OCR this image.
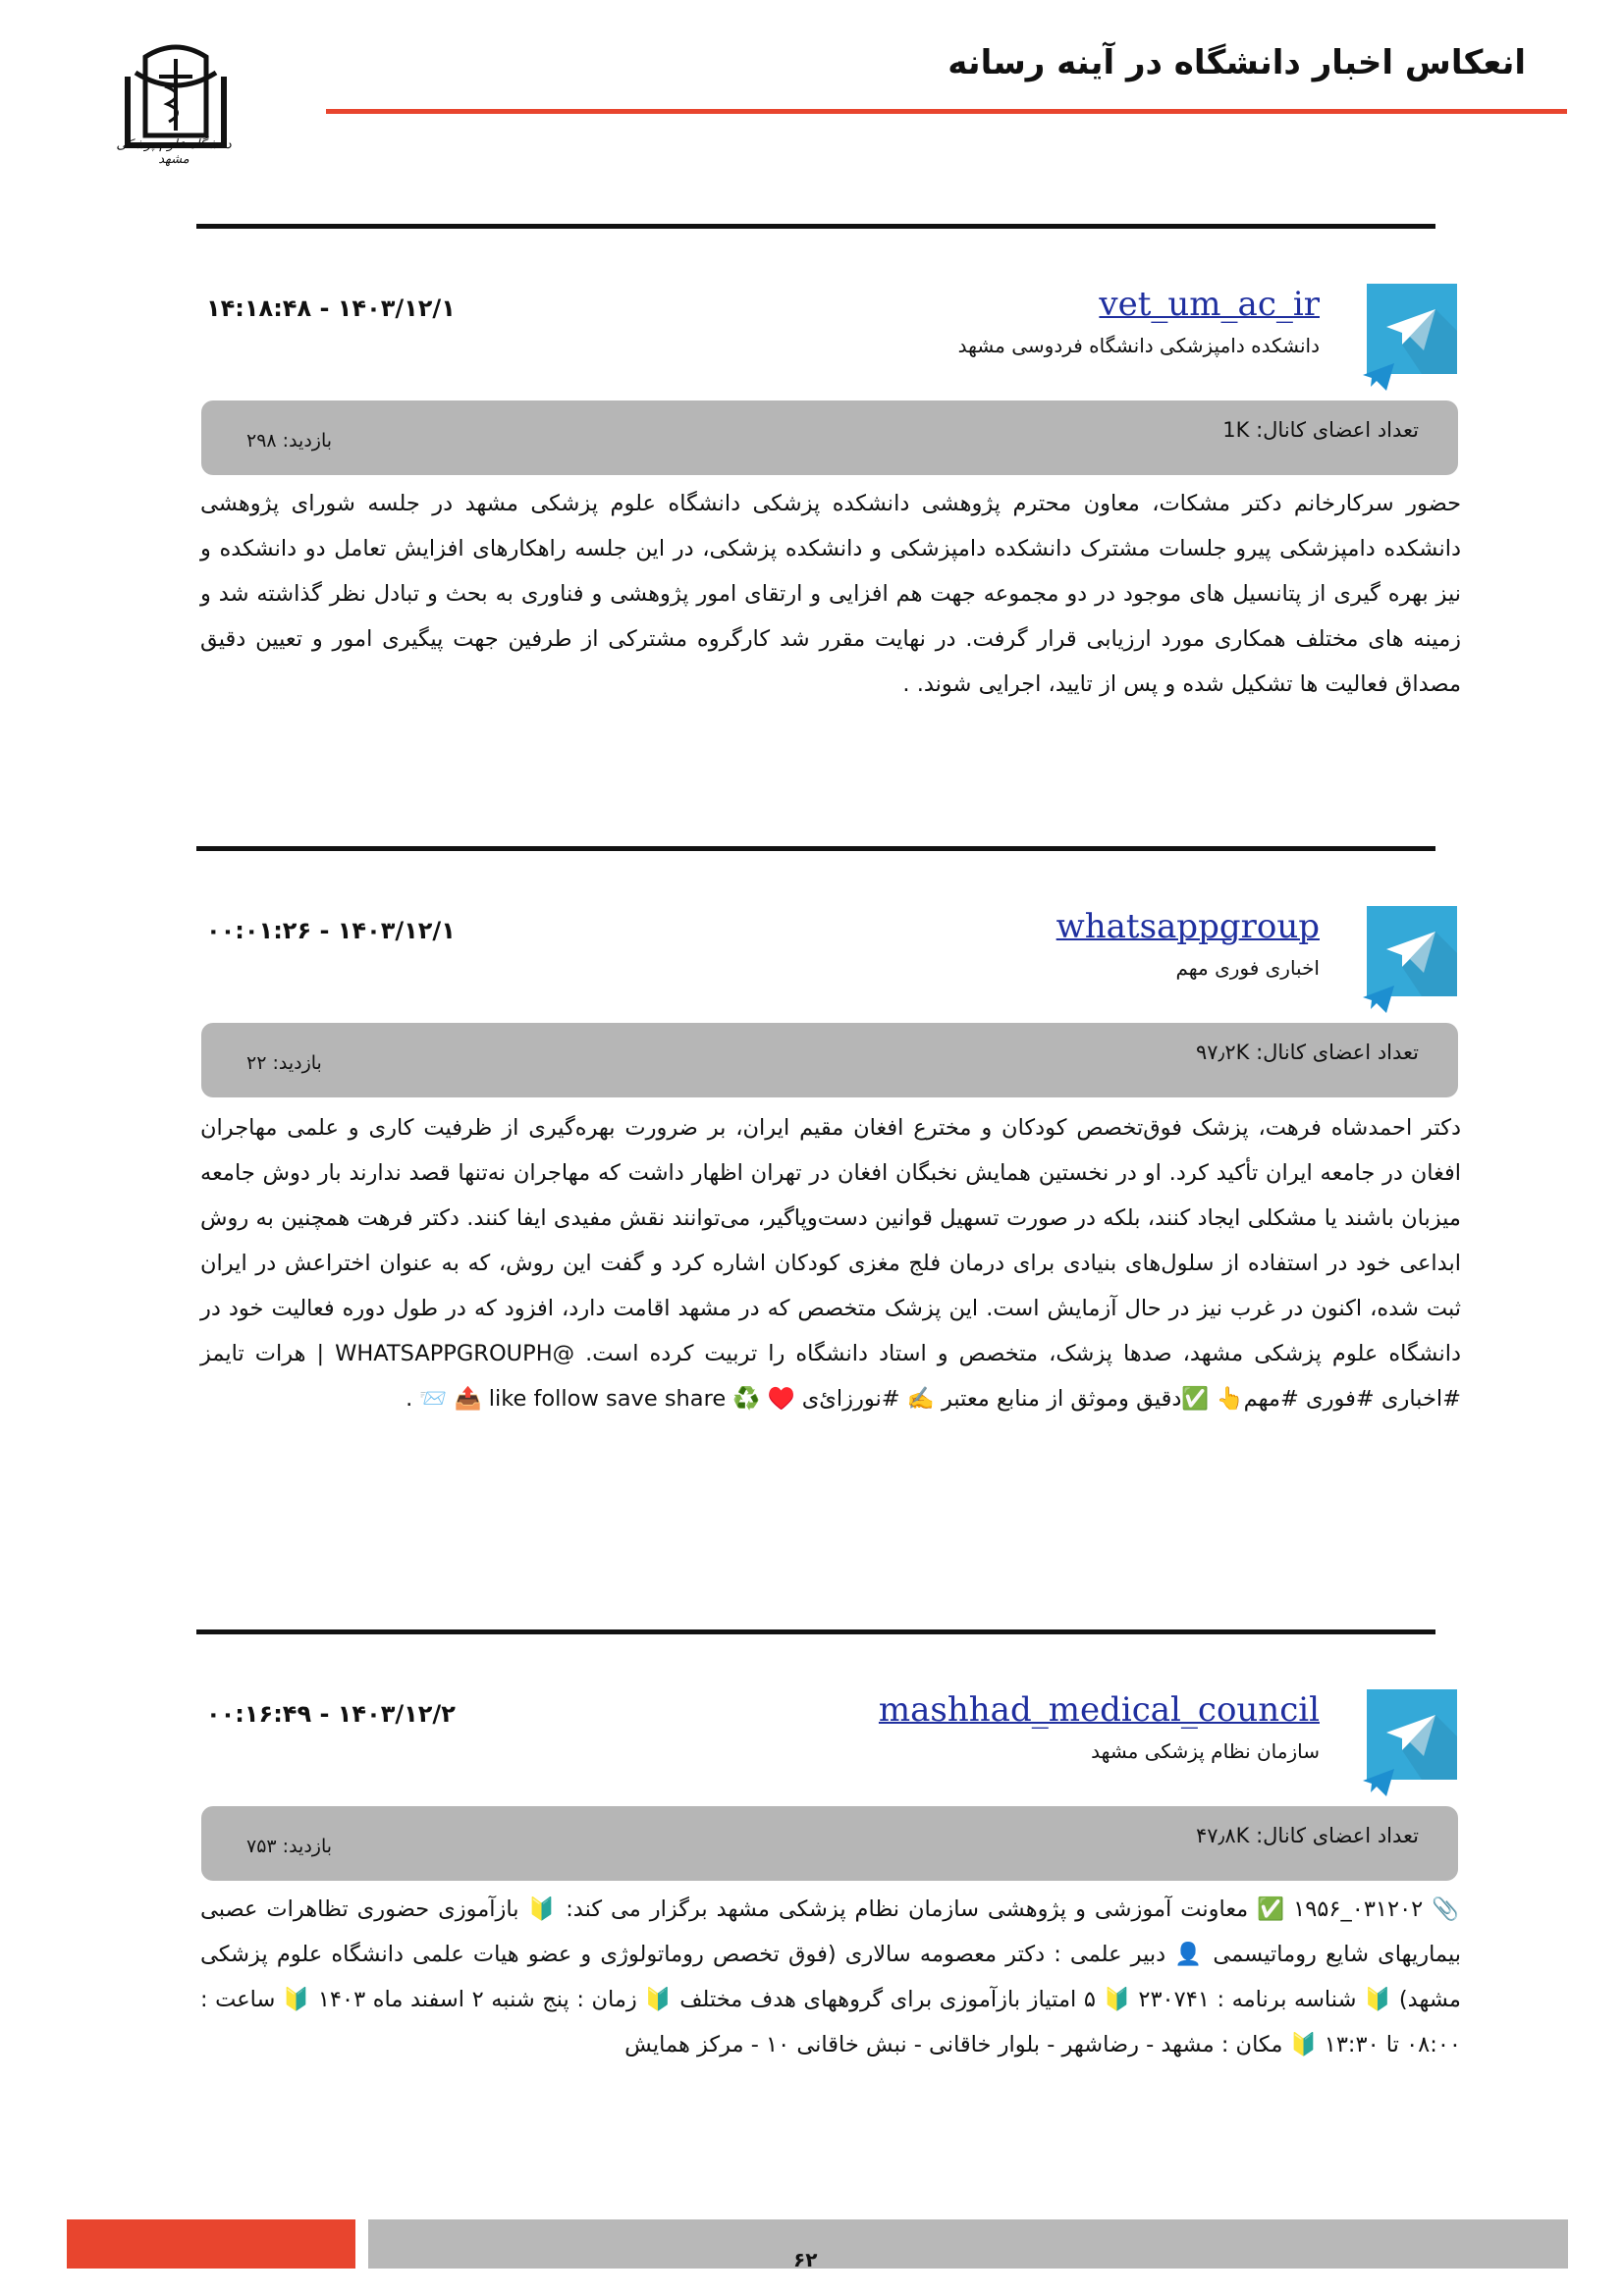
انعکاس اخبار دانشگاه در آینه رسانه
دانشگاه علوم پزشکی مشهد
vet_um_ac_ir
دانشکده دامپزشکی دانشگاه فردوسی مشهد
۱۴۰۳/۱۲/۱ - ۱۴:۱۸:۴۸
تعداد اعضای کانال: 1K
بازدید: ۲۹۸
حضور سرکارخانم دکتر مشکات، معاون محترم پژوهشی دانشکده پزشکی دانشگاه علوم پزشکی مشهد در جلسه شورای پژوهشی دانشکده دامپزشکی پیرو جلسات مشترک دانشکده دامپزشکی و دانشکده پزشکی، در این جلسه راهکارهای افزایش تعامل دو دانشکده و نیز بهره گیری از پتانسیل های موجود در دو مجموعه جهت هم افزایی و ارتقای امور پژوهشی و فناوری به بحث و تبادل نظر گذاشته شد و زمینه های مختلف همکاری مورد ارزیابی قرار گرفت. در نهایت مقرر شد کارگروه مشترکی از طرفین جهت پیگیری امور و تعیین دقیق مصداق فعالیت ها تشکیل شده و پس از تایید، اجرایی شوند. .
whatsappgroup
اخباری فوری مهم
۱۴۰۳/۱۲/۱ - ۰۰:۰۱:۲۶
تعداد اعضای کانال: ۹۷٫۲K
بازدید: ۲۲
دکتر احمدشاه فرهت، پزشک فوق‌تخصص کودکان و مخترع افغان مقیم ایران، بر ضرورت بهره‌گیری از ظرفیت کاری و علمی مهاجران افغان در جامعه ایران تأکید کرد. او در نخستین همایش نخبگان افغان در تهران اظهار داشت که مهاجران نه‌تنها قصد ندارند بار دوش جامعه میزبان باشند یا مشکلی ایجاد کنند، بلکه در صورت تسهیل قوانین دست‌وپاگیر، می‌توانند نقش مفیدی ایفا کنند. دکتر فرهت همچنین به روش ابداعی خود در استفاده از سلول‌های بنیادی برای درمان فلج مغزی کودکان اشاره کرد و گفت این روش، که به عنوان اختراعش در ایران ثبت شده، اکنون در غرب نیز در حال آزمایش است. این پزشک متخصص که در مشهد اقامت دارد، افزود که در طول دوره فعالیت خود در دانشگاه علوم پزشکی مشهد، صدها پزشک، متخصص و استاد دانشگاه را تربیت کرده است. @WHATSAPPGROUPH | هرات تایمز #اخباری #فوری #مهم👆 ✅دقیق وموثق از منابع معتبر ✍️ #نورزائ‌ی ♥️ ♻️ like follow save share 📤 📨 .
mashhad_medical_council
سازمان نظام پزشکی مشهد
۱۴۰۳/۱۲/۲ - ۰۰:۱۶:۴۹
تعداد اعضای کانال: ۴۷٫۸K
بازدید: ۷۵۳
📎 ۰۳۱۲۰۲_۱۹۵۶ ✅ معاونت آموزشی و پژوهشی سازمان نظام پزشکی مشهد برگزار می کند: 🔰 بازآموزی حضوری تظاهرات عصبی بیماریهای شایع روماتیسمی 👤 دبیر علمی : دکتر معصومه سالاری (فوق تخصص روماتولوژی و عضو هیات علمی دانشگاه علوم پزشکی مشهد) 🔰 شناسه برنامه : ۲۳۰۷۴۱ 🔰 ۵ امتیاز بازآموزی برای گروههای هدف مختلف 🔰 زمان : پنج شنبه ۲ اسفند ماه ۱۴۰۳ 🔰 ساعت : ۰۸:۰۰ تا ۱۳:۳۰ 🔰 مکان : مشهد - رضاشهر - بلوار خاقانی - نبش خاقانی ۱۰ - مرکز همایش
۶۲
